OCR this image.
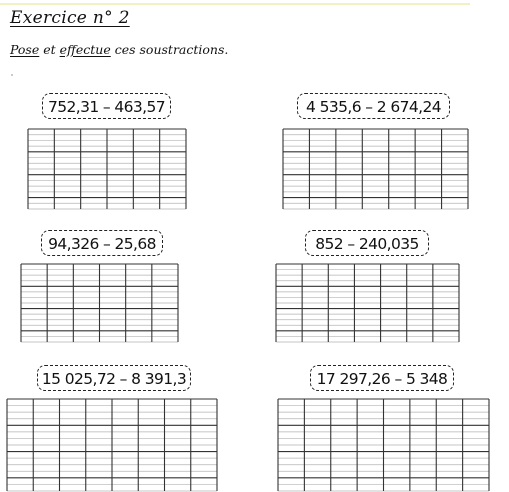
Exercice n° 2
Pose et effectue ces soustractions.
752,31 – 463,57	4 535,6 – 2 674,24
94,326 – 25,68	852 – 240,035
15 025,72 – 8 391,3	17 297,26 – 5 348
